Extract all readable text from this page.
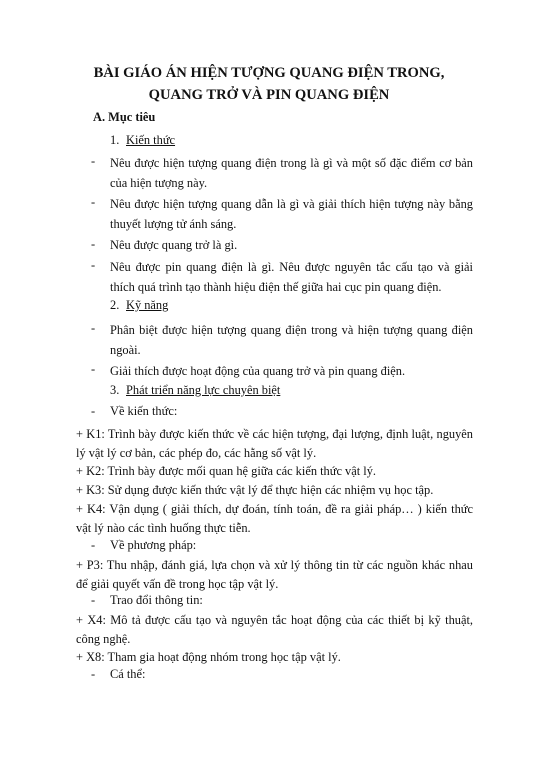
BÀI GIÁO ÁN HIỆN TƯỢNG QUANG ĐIỆN TRONG,
QUANG TRỞ VÀ PIN QUANG ĐIỆN
A. Mục tiêu
1. Kiến thức
- Nêu được hiện tượng quang điện trong là gì và một số đặc điểm cơ bản của hiện tượng này.
- Nêu được hiện tượng quang dẫn là gì và giải thích hiện tượng này bằng thuyết lượng tử ánh sáng.
- Nêu được quang trở là gì.
- Nêu được pin quang điện là gì. Nêu được nguyên tắc cấu tạo và giải thích quá trình tạo thành hiệu điện thế giữa hai cục pin quang điện.
2. Kỹ năng
- Phân biệt được hiện tượng quang điện trong và hiện tượng quang điện ngoài.
- Giải thích được hoạt động của quang trở và pin quang điện.
3. Phát triển năng lực chuyên biệt
- Về kiến thức:
+ K1: Trình bày được kiến thức về các hiện tượng, đại lượng, định luật, nguyên lý vật lý cơ bản, các phép đo, các hằng số vật lý.
+ K2: Trình bày được mối quan hệ giữa các kiến thức vật lý.
+ K3: Sử dụng được kiến thức vật lý để thực hiện các nhiệm vụ học tập.
+ K4: Vận dụng ( giải thích, dự đoán, tính toán, đề ra giải pháp… ) kiến thức vật lý nào các tình huống thực tiễn.
- Về phương pháp:
+ P3: Thu nhập, đánh giá, lựa chọn và xử lý thông tin từ các nguồn khác nhau để giải quyết vấn đề trong học tập vật lý.
- Trao đổi thông tin:
+ X4: Mô tả được cấu tạo và nguyên tắc hoạt động của các thiết bị kỹ thuật, công nghệ.
+ X8: Tham gia hoạt động nhóm trong học tập vật lý.
- Cá thể:
